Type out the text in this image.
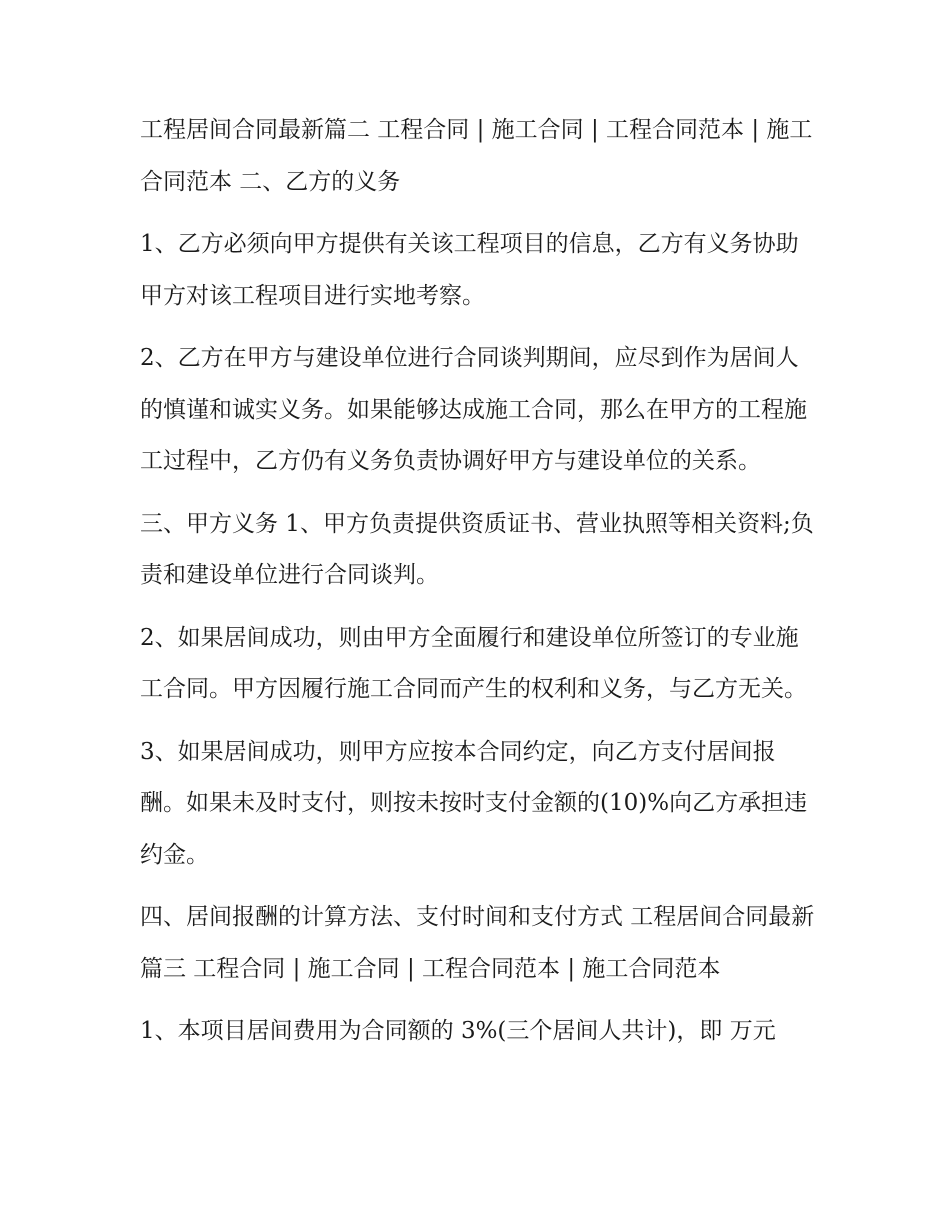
工程居间合同最新篇二 工程合同 | 施工合同 | 工程合同范本 | 施工合同范本 二、乙方的义务

1、乙方必须向甲方提供有关该工程项目的信息，乙方有义务协助甲方对该工程项目进行实地考察。

2、乙方在甲方与建设单位进行合同谈判期间，应尽到作为居间人的慎谨和诚实义务。如果能够达成施工合同，那么在甲方的工程施工过程中，乙方仍有义务负责协调好甲方与建设单位的关系。

三、甲方义务 1、甲方负责提供资质证书、营业执照等相关资料;负责和建设单位进行合同谈判。

2、如果居间成功，则由甲方全面履行和建设单位所签订的专业施工合同。甲方因履行施工合同而产生的权利和义务，与乙方无关。

3、如果居间成功，则甲方应按本合同约定，向乙方支付居间报酬。如果未及时支付，则按未按时支付金额的(10)%向乙方承担违约金。

四、居间报酬的计算方法、支付时间和支付方式 工程居间合同最新篇三 工程合同 | 施工合同 | 工程合同范本 | 施工合同范本

1、本项目居间费用为合同额的 3%(三个居间人共计)，即 万元
